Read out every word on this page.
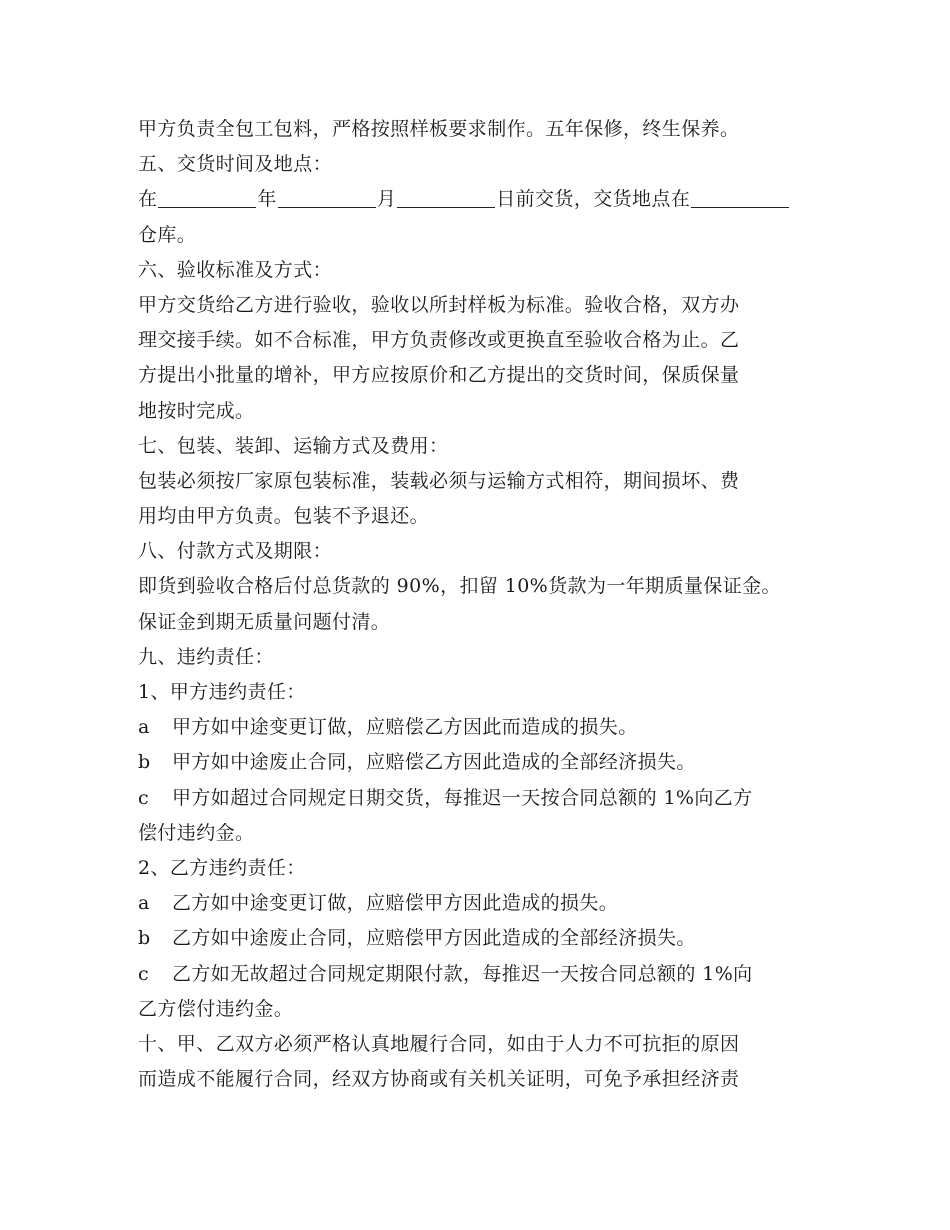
甲方负责全包工包料，严格按照样板要求制作。五年保修，终生保养。
五、交货时间及地点：
在	年	月	日前交货，交货地点在
仓库。
六、验收标准及方式：
甲方交货给乙方进行验收，验收以所封样板为标准。验收合格，双方办
理交接手续。如不合标准，甲方负责修改或更换直至验收合格为止。乙
方提出小批量的增补，甲方应按原价和乙方提出的交货时间，保质保量
地按时完成。
七、包装、装卸、运输方式及费用：
包装必须按厂家原包装标准，装载必须与运输方式相符，期间损坏、费
用均由甲方负责。包装不予退还。
八、付款方式及期限：
即货到验收合格后付总货款的 90%，扣留 10%货款为一年期质量保证金。
保证金到期无质量问题付清。
九、违约责任：
1、甲方违约责任：
a 甲方如中途变更订做，应赔偿乙方因此而造成的损失。
b 甲方如中途废止合同，应赔偿乙方因此造成的全部经济损失。
c 甲方如超过合同规定日期交货，每推迟一天按合同总额的 1%向乙方
偿付违约金。
2、乙方违约责任：
a 乙方如中途变更订做，应赔偿甲方因此造成的损失。
b 乙方如中途废止合同，应赔偿甲方因此造成的全部经济损失。
c 乙方如无故超过合同规定期限付款，每推迟一天按合同总额的 1%向
乙方偿付违约金。
十、甲、乙双方必须严格认真地履行合同，如由于人力不可抗拒的原因
而造成不能履行合同，经双方协商或有关机关证明，可免予承担经济责
